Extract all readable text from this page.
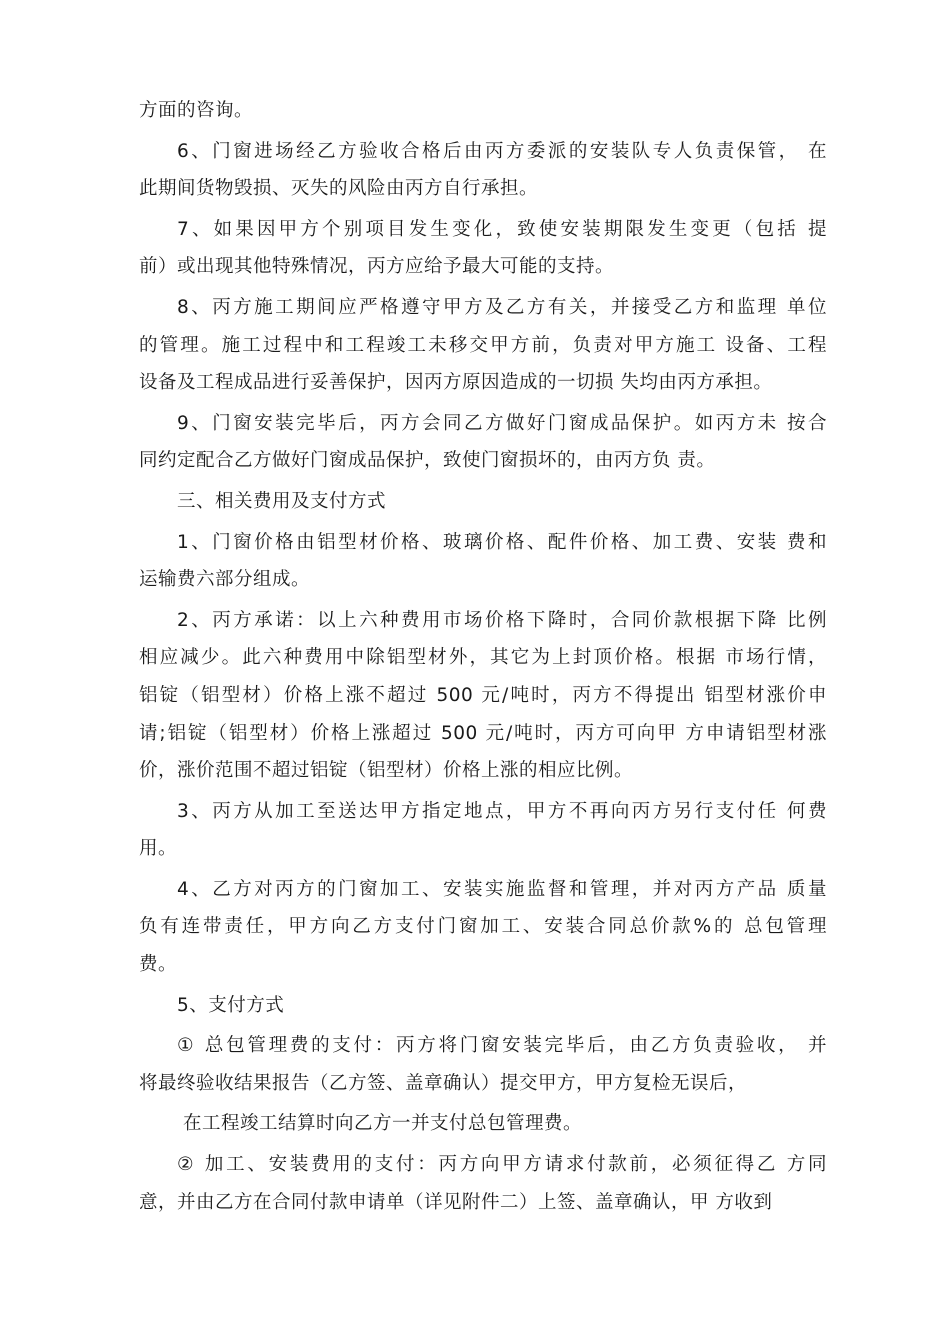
方面的咨询。
6、门窗进场经乙方验收合格后由丙方委派的安装队专人负责保管， 在
此期间货物毁损、灭失的风险由丙方自行承担。
7、如果因甲方个别项目发生变化，致使安装期限发生变更（包括 提
前）或出现其他特殊情况，丙方应给予最大可能的支持。
8、丙方施工期间应严格遵守甲方及乙方有关，并接受乙方和监理 单位
的管理。施工过程中和工程竣工未移交甲方前，负责对甲方施工 设备、工程
设备及工程成品进行妥善保护，因丙方原因造成的一切损 失均由丙方承担。
9、门窗安装完毕后，丙方会同乙方做好门窗成品保护。如丙方未 按合
同约定配合乙方做好门窗成品保护，致使门窗损坏的，由丙方负 责。
三、相关费用及支付方式
1、门窗价格由铝型材价格、玻璃价格、配件价格、加工费、安装 费和
运输费六部分组成。
2、丙方承诺：以上六种费用市场价格下降时，合同价款根据下降 比例
相应减少。此六种费用中除铝型材外，其它为上封顶价格。根据 市场行情，
铝锭（铝型材）价格上涨不超过 500 元/吨时，丙方不得提出 铝型材涨价申
请;铝锭（铝型材）价格上涨超过 500 元/吨时，丙方可向甲 方申请铝型材涨
价，涨价范围不超过铝锭（铝型材）价格上涨的相应比例。
3、丙方从加工至送达甲方指定地点，甲方不再向丙方另行支付任 何费
用。
4、乙方对丙方的门窗加工、安装实施监督和管理，并对丙方产品 质量
负有连带责任，甲方向乙方支付门窗加工、安装合同总价款%的 总包管理
费。
5、支付方式
① 总包管理费的支付：丙方将门窗安装完毕后，由乙方负责验收， 并
将最终验收结果报告（乙方签、盖章确认）提交甲方，甲方复检无误后，
在工程竣工结算时向乙方一并支付总包管理费。
② 加工、安装费用的支付：丙方向甲方请求付款前，必须征得乙 方同
意，并由乙方在合同付款申请单（详见附件二）上签、盖章确认，甲 方收到
